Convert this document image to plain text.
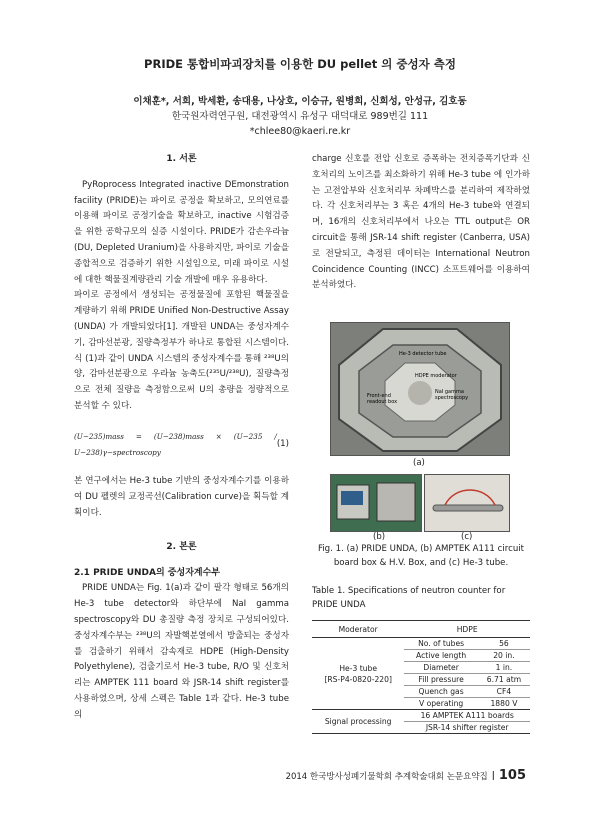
PRIDE 통합비파괴장치를 이용한 DU pellet 의 중성자 측정
이채훈*, 서희, 박세환, 송대용, 나상호, 이승규, 원병희, 신희성, 안성규, 김호동
한국원자력연구원, 대전광역시 유성구 대덕대로 989번길 111
*chlee80@kaeri.re.kr
1. 서론

PyRoprocess Integrated inactive DEmonstration facility (PRIDE)는 파이로 공정을 확보하고, 모의연료를 이용해 파이로 공정기술을 확보하고, inactive 시험검증을 위한 공학규모의 실증 시설이다. PRIDE가 감손우라늄(DU, Depleted Uranium)을 사용하지만, 파이로 기술을 종합적으로 검증하기 위한 시설임으로, 미래 파이로 시설에 대한 핵물질계량관리 기술 개발에 매우 유용하다.

파이로 공정에서 생성되는 공정물질에 포함된 핵물질을 계량하기 위해 PRIDE Unified Non-Destructive Assay (UNDA) 가 개발되었다[1]. 개발된 UNDA는 중성자계수기, 감마선분광, 질량측정부가 하나로 통합된 시스템이다. 식 (1)과 같이 UNDA 시스템의 중성자계수를 통해 ²³⁸U의 양, 감마선분광으로 우라늄 농축도(²³⁵U/²³⁸U), 질량측정으로 전체 질량을 측정함으로써 U의 총량을 정량적으로 분석할 수 있다.

(U−235)mass = (U−238)mass × (U−235 / U−238)γ−spectroscopy
(1)

본 연구에서는 He-3 tube 기반의 중성자계수기를 이용하여 DU 펠렛의 교정곡선(Calibration curve)을 획득할 계획이다.

2. 본론
2.1 PRIDE UNDA의 중성자계수부

PRIDE UNDA는 Fig. 1(a)과 같이 팔각 형태로 56개의 He-3 tube detector와 하단부에 NaI gamma spectroscopy와 DU 총질량 측정 장치로 구성되어있다. 중성자계수부는 ²³⁸U의 자발핵분열에서 방출되는 중성자를 검출하기 위해서 감속재로 HDPE (High-Density Polyethylene), 검출기로서 He-3 tube, R/O 및 신호처리는 AMPTEK 111 board 와 JSR-14 shift register를 사용하였으며, 상세 스펙은 Table 1과 같다. He-3 tube 의

charge 신호를 전압 신호로 증폭하는 전치증폭기단과 신호처리의 노이즈를 최소화하기 위해 He-3 tube 에 인가하는 고전압부와 신호처리부 차폐박스를 분리하여 제작하였다. 각 신호처리부는 3 혹은 4개의 He-3 tube와 연결되며, 16개의 신호처리부에서 나오는 TTL output은 OR circuit을 통해 JSR-14 shift register (Canberra, USA) 로 전달되고, 측정된 데이터는 International Neutron Coincidence Counting (INCC) 소프트웨어를 이용하여 분석하였다.

He-3 detector tube
HDPE moderator
NaI gamma spectroscopy
Front-end readout box
(a)
(b)	(c)
Fig. 1. (a) PRIDE UNDA, (b) AMPTEK A111 circuit board box & H.V. Box, and (c) He-3 tube.
Table 1. Specifications of neutron counter for PRIDE UNDA
Moderator	HDPE	

He-3 tube
[RS-P4-0820-220]	No. of tubes	56
	Active length	20 in.
	Diameter	1 in.
	Fill pressure	6.71 atm
	Quench gas	CF4
	V operating	1880 V
Signal processing	16 AMPTEK A111 boards	
	JSR-14 shifter register	
2014 한국방사성폐기물학회 추계학술대회 논문요약집 | 105
